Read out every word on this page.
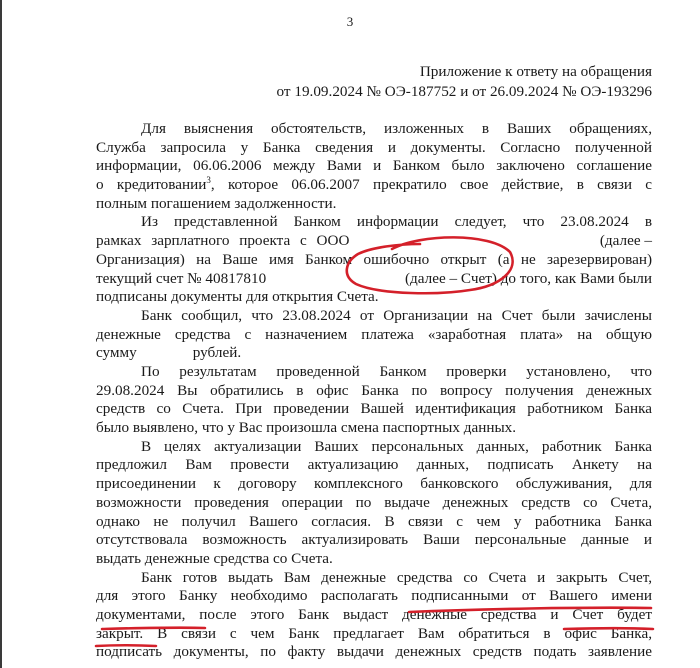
3
Приложение к ответу на обращения
от 19.09.2024 № ОЭ-187752 и от 26.09.2024 № ОЭ-193296
Для выяснения обстоятельств, изложенных в Ваших обращениях,
Служба запросила у Банка сведения и документы. Согласно полученной
информации, 06.06.2006 между Вами и Банком было заключено соглашение
о кредитовании$^3$, которое 06.06.2007 прекратило свое действие, в связи с
полным погашением задолженности.
Из представленной Банком информации следует, что 23.08.2024 в
рамках зарплатного проекта с ООО	(далее –
Организация) на Ваше имя Банком ошибочно открыт (а не зарезервирован)
текущий счет № 40817810	(далее – Счет) до того, как Вами были
подписаны документы для открытия Счета.
Банк сообщил, что 23.08.2024 от Организации на Счет были зачислены
денежные средства с назначением платежа «заработная плата» на общую
сумму	рублей.
По результатам проведенной Банком проверки установлено, что
29.08.2024 Вы обратились в офис Банка по вопросу получения денежных
средств со Счета. При проведении Вашей идентификация работником Банка
было выявлено, что у Вас произошла смена паспортных данных.
В целях актуализации Ваших персональных данных, работник Банка
предложил Вам провести актуализацию данных, подписать Анкету на
присоединении к договору комплексного банковского обслуживания, для
возможности проведения операции по выдаче денежных средств со Счета,
однако не получил Вашего согласия. В связи с чем у работника Банка
отсутствовала возможность актуализировать Ваши персональные данные и
выдать денежные средства со Счета.
Банк готов выдать Вам денежные средства со Счета и закрыть Счет,
для этого Банку необходимо располагать подписанными от Вашего имени
документами, после этого Банк выдаст денежные средства и Счет будет
закрыт. В связи с чем Банк предлагает Вам обратиться в офис Банка,
подписать документы, по факту выдачи денежных средств подать заявление
